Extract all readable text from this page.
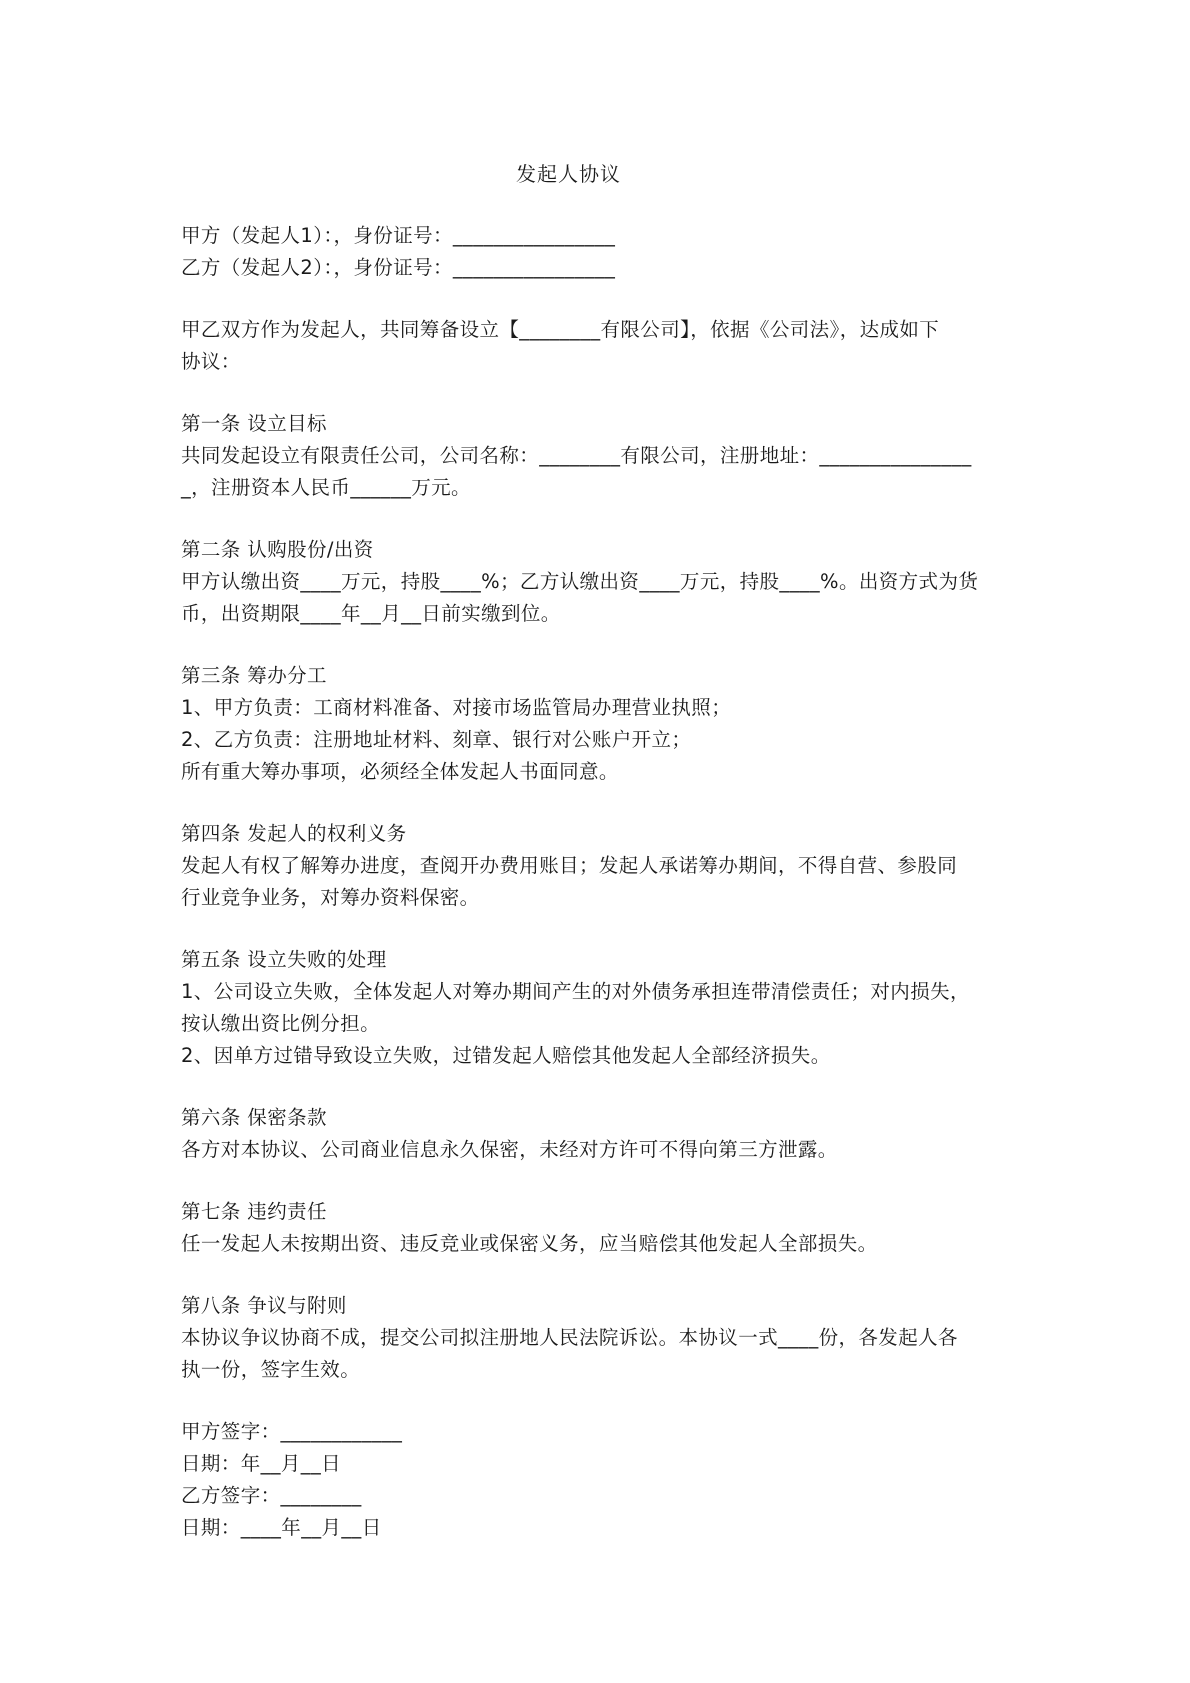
发起人协议
甲方（发起人1）：，身份证号：________________
乙方（发起人2）：，身份证号：________________
甲乙双方作为发起人，共同筹备设立【________有限公司】，依据《公司法》，达成如下
协议：
第一条 设立目标
共同发起设立有限责任公司，公司名称：________有限公司，注册地址：_______________
_，注册资本人民币______万元。
第二条 认购股份/出资
甲方认缴出资____万元，持股____%；乙方认缴出资____万元，持股____%。出资方式为货
币，出资期限____年__月__日前实缴到位。
第三条 筹办分工
1、甲方负责：工商材料准备、对接市场监管局办理营业执照；
2、乙方负责：注册地址材料、刻章、银行对公账户开立；
所有重大筹办事项，必须经全体发起人书面同意。
第四条 发起人的权利义务
发起人有权了解筹办进度，查阅开办费用账目；发起人承诺筹办期间，不得自营、参股同
行业竞争业务，对筹办资料保密。
第五条 设立失败的处理
1、公司设立失败，全体发起人对筹办期间产生的对外债务承担连带清偿责任；对内损失，
按认缴出资比例分担。
2、因单方过错导致设立失败，过错发起人赔偿其他发起人全部经济损失。
第六条 保密条款
各方对本协议、公司商业信息永久保密，未经对方许可不得向第三方泄露。
第七条 违约责任
任一发起人未按期出资、违反竞业或保密义务，应当赔偿其他发起人全部损失。
第八条 争议与附则
本协议争议协商不成，提交公司拟注册地人民法院诉讼。本协议一式____份，各发起人各
执一份，签字生效。
甲方签字：____________
日期：年__月__日
乙方签字：________
日期：____年__月__日
